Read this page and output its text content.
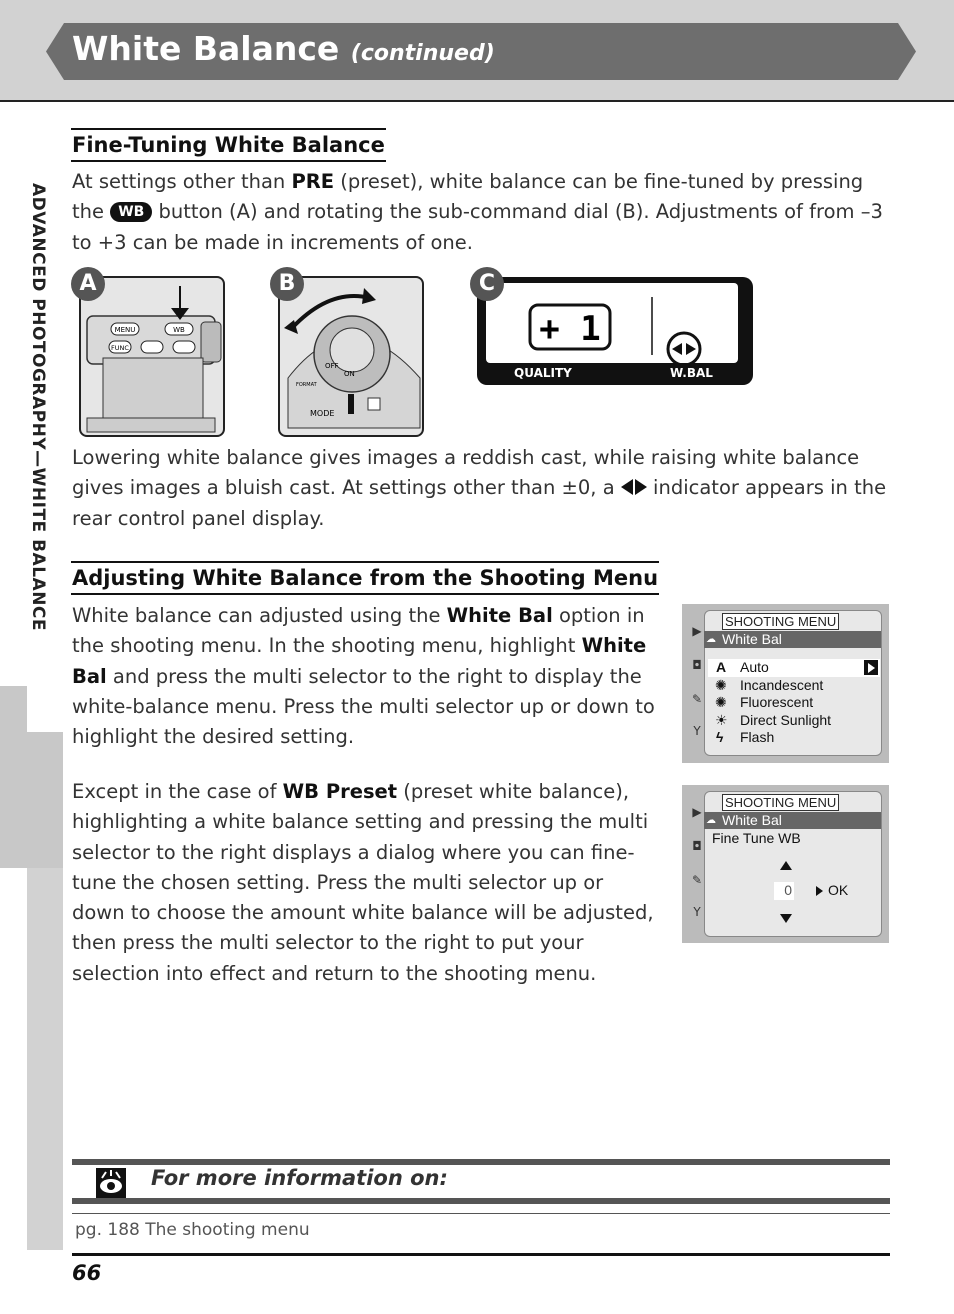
White Balance (continued)
ADVANCED PHOTOGRAPHY—WHITE BALANCE
Fine-Tuning White Balance
At settings other than PRE (preset), white balance can be fine-tuned by pressing the WB button (A) and rotating the sub-command dial (B). Adjustments of from –3 to +3 can be made in increments of one.
MENU	WB
FUNC
A
OFF
ON
MODE
FORMAT
B
+ 1
QUALITY	W.BAL
C
Lowering white balance gives images a reddish cast, while raising white balance gives images a bluish cast. At settings other than ±0, a  indicator appears in the rear control panel display.
Adjusting White Balance from the Shooting Menu
White balance can adjusted using the White Bal option in the shooting menu. In the shooting menu, highlight White Bal and press the multi selector to the right to display the white-balance menu. Press the multi selector up or down to highlight the desired setting.
Except in the case of WB Preset (preset white balance), highlighting a white balance setting and pressing the multi selector to the right displays a dialog where you can fine-tune the chosen setting. Press the multi selector up or down to choose the amount white balance will be adjusted, then press the multi selector to the right to put your selection into effect and return to the shooting menu.
▶
◘
✎
Y
SHOOTING MENU
White Bal
☁
A Auto
✺ Incandescent
✺ Fluorescent
☀ Direct Sunlight
ϟ Flash
▶
◘
✎
Y
SHOOTING MENU
White Bal
☁
Fine Tune WB
0	OK
For more information on:
pg. 188 The shooting menu
66
